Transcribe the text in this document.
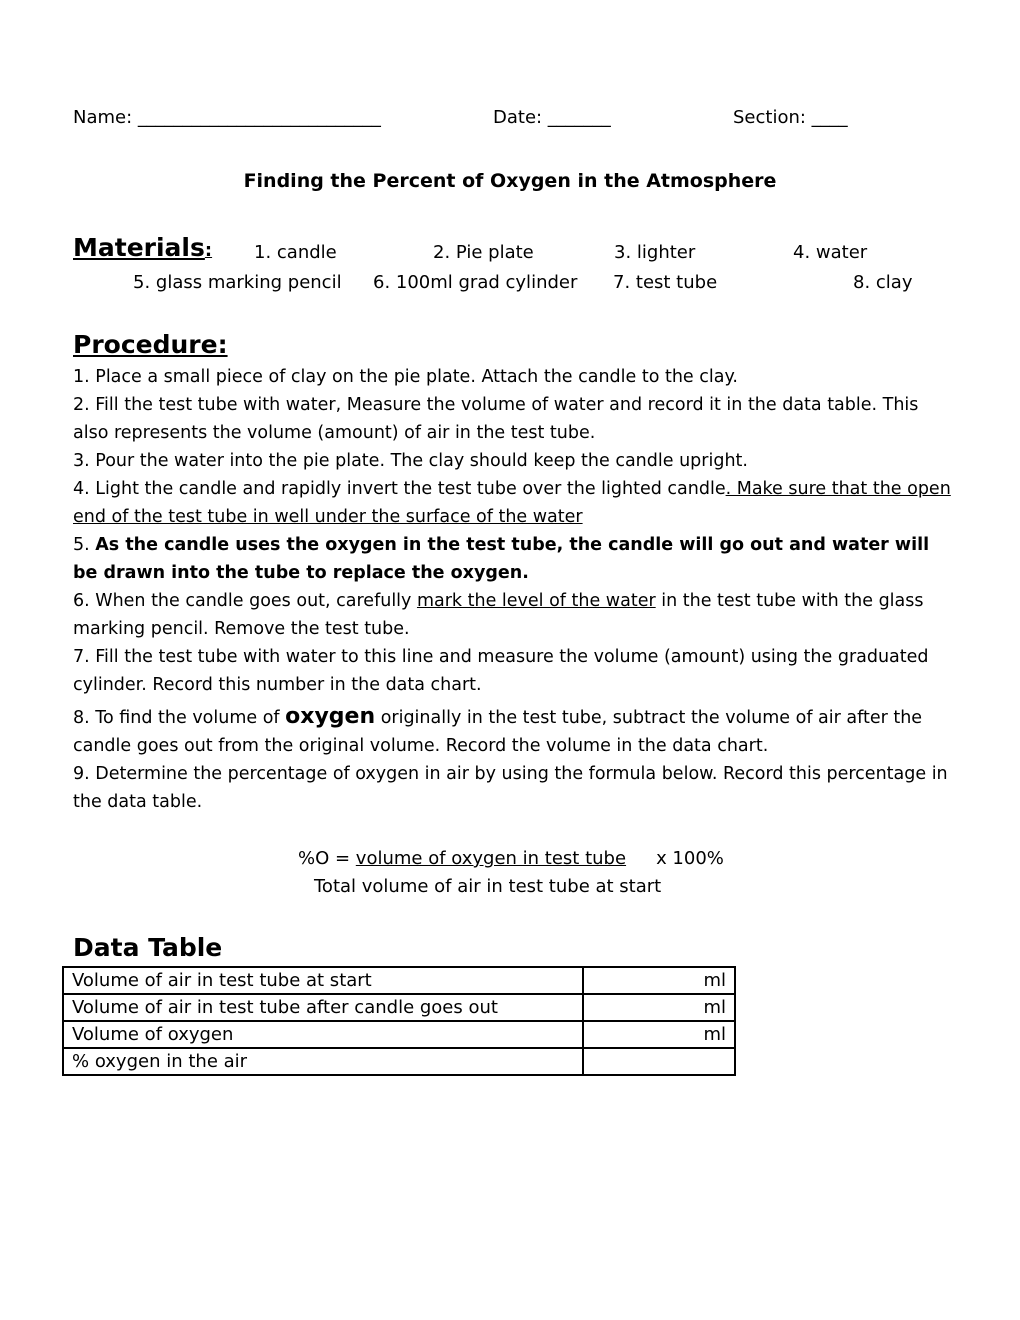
Name: ___________________________	Date: _______	Section: ____
Finding the Percent of Oxygen in the Atmosphere
Materials: 1. candle	2. Pie plate	3. lighter	4. water
5. glass marking pencil 6. 100ml grad cylinder 7. test tube	8. clay
Procedure:

1. Place a small piece of clay on the pie plate. Attach the candle to the clay.

2. Fill the test tube with water, Measure the volume of water and record it in the data table. This also represents the volume (amount) of air in the test tube.

3. Pour the water into the pie plate. The clay should keep the candle upright.

4. Light the candle and rapidly invert the test tube over the lighted candle. Make sure that the open end of the test tube in well under the surface of the water

5. As the candle uses the oxygen in the test tube, the candle will go out and water will be drawn into the tube to replace the oxygen.

6. When the candle goes out, carefully mark the level of the water in the test tube with the glass marking pencil. Remove the test tube.

7. Fill the test tube with water to this line and measure the volume (amount) using the graduated cylinder. Record this number in the data chart.

8. To find the volume of oxygen originally in the test tube, subtract the volume of air after the candle goes out from the original volume. Record the volume in the data chart.

9. Determine the percentage of oxygen in air by using the formula below. Record this percentage in the data table.

%O = volume of oxygen in test tube x 100%
Total volume of air in test tube at start
Data Table
Volume of air in test tube at start	ml
Volume of air in test tube after candle goes out	ml
Volume of oxygen	ml
% oxygen in the air	
